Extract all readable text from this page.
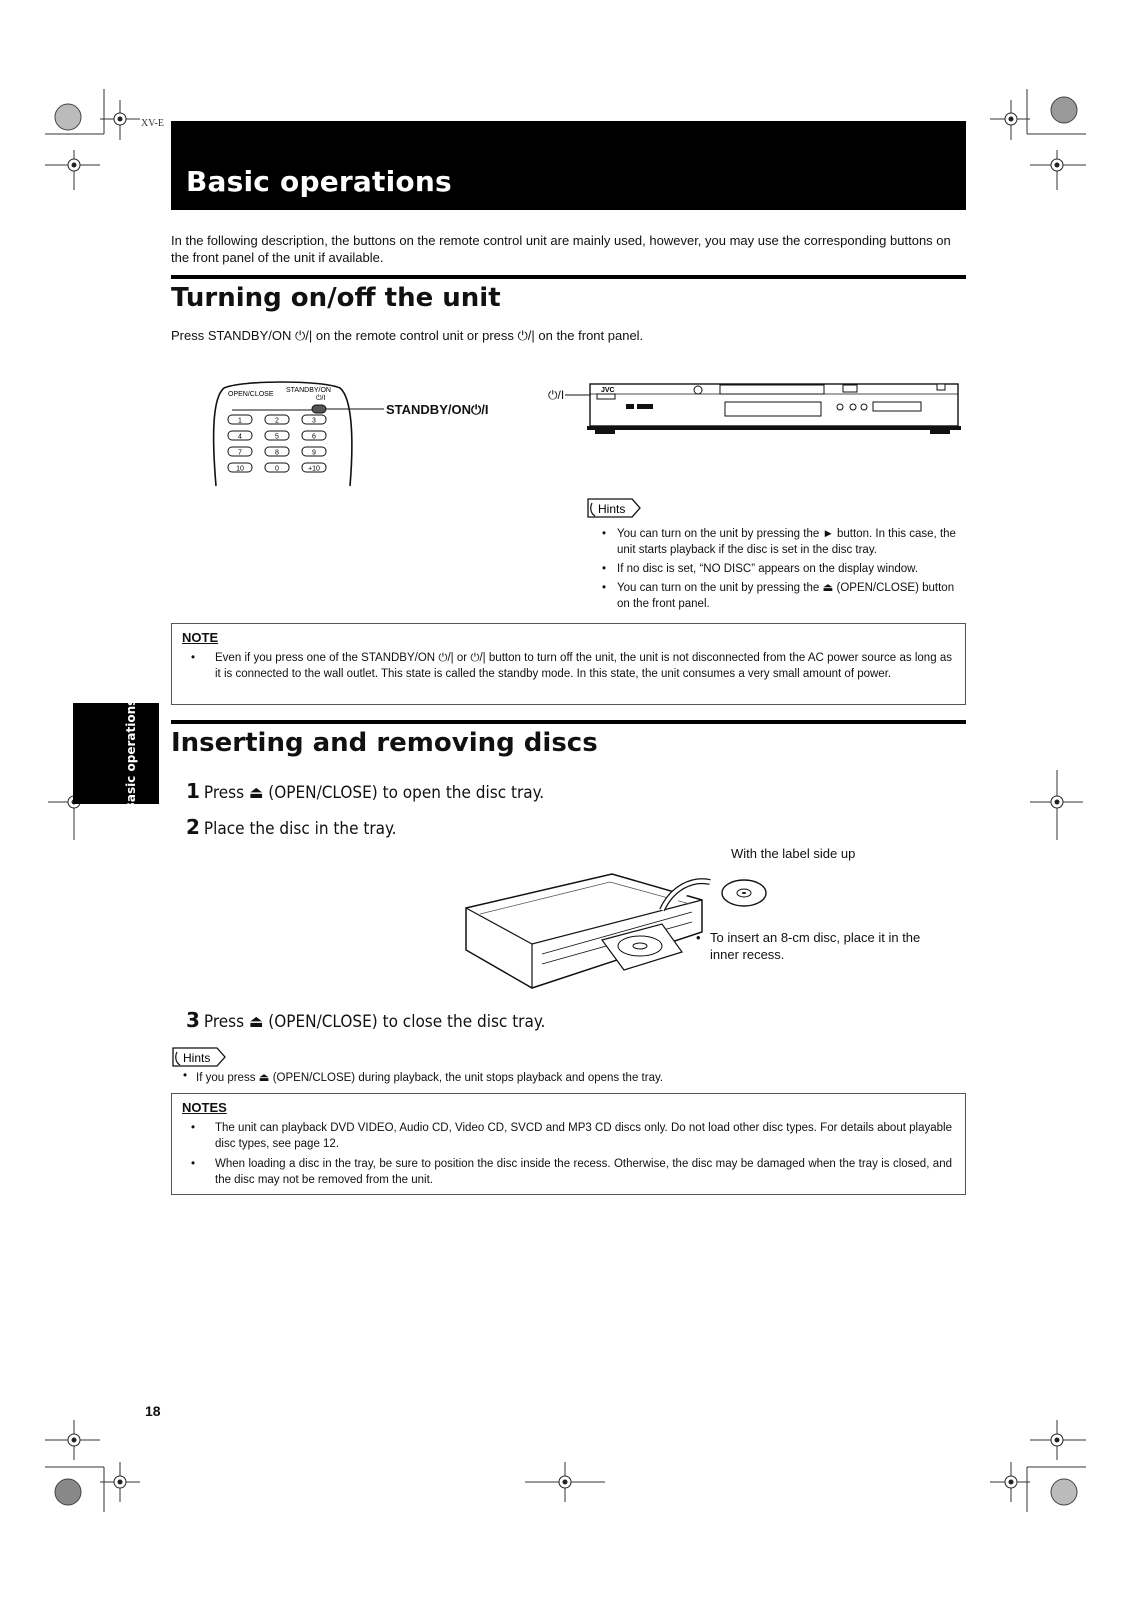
XV-E
Basic operations
In the following description, the buttons on the remote control unit are mainly used, however, you may use the corresponding buttons on the front panel of the unit if available.
Turning on/off the unit
Press STANDBY/ON ⏻/| on the remote control unit or press ⏻/| on the front panel.
OPEN/CLOSE
STANDBY/ON
⏻/I
1	2	3
4	5	6
7	8	9
10	0	+10
STANDBY/ON⏻/I
⏻/I	JVC
Hints
• You can turn on the unit by pressing the ► button. In this case, the unit starts playback if the disc is set in the disc tray.
• If no disc is set, “NO DISC” appears on the display window.
• You can turn on the unit by pressing the ⏏ (OPEN/CLOSE) button on the front panel.
NOTE
• Even if you press one of the STANDBY/ON ⏻/| or ⏻/| button to turn off the unit, the unit is not disconnected from the AC power source as long as it is connected to the wall outlet. This state is called the standby mode. In this state, the unit consumes a very small amount of power.
Basic operations Inserting and removing discs
1 Press ⏏ (OPEN/CLOSE) to open the disc tray.
2 Place the disc in the tray.
With the label side up
• To insert an 8-cm disc, place it in the inner recess.
3 Press ⏏ (OPEN/CLOSE) to close the disc tray.
Hints
• If you press ⏏ (OPEN/CLOSE) during playback, the unit stops playback and opens the tray.
NOTES
• The unit can playback DVD VIDEO, Audio CD, Video CD, SVCD and MP3 CD discs only. Do not load other disc types. For details about playable disc types, see page 12.
• When loading a disc in the tray, be sure to position the disc inside the recess. Otherwise, the disc may be damaged when the tray is closed, and the disc may not be removed from the unit.
18
